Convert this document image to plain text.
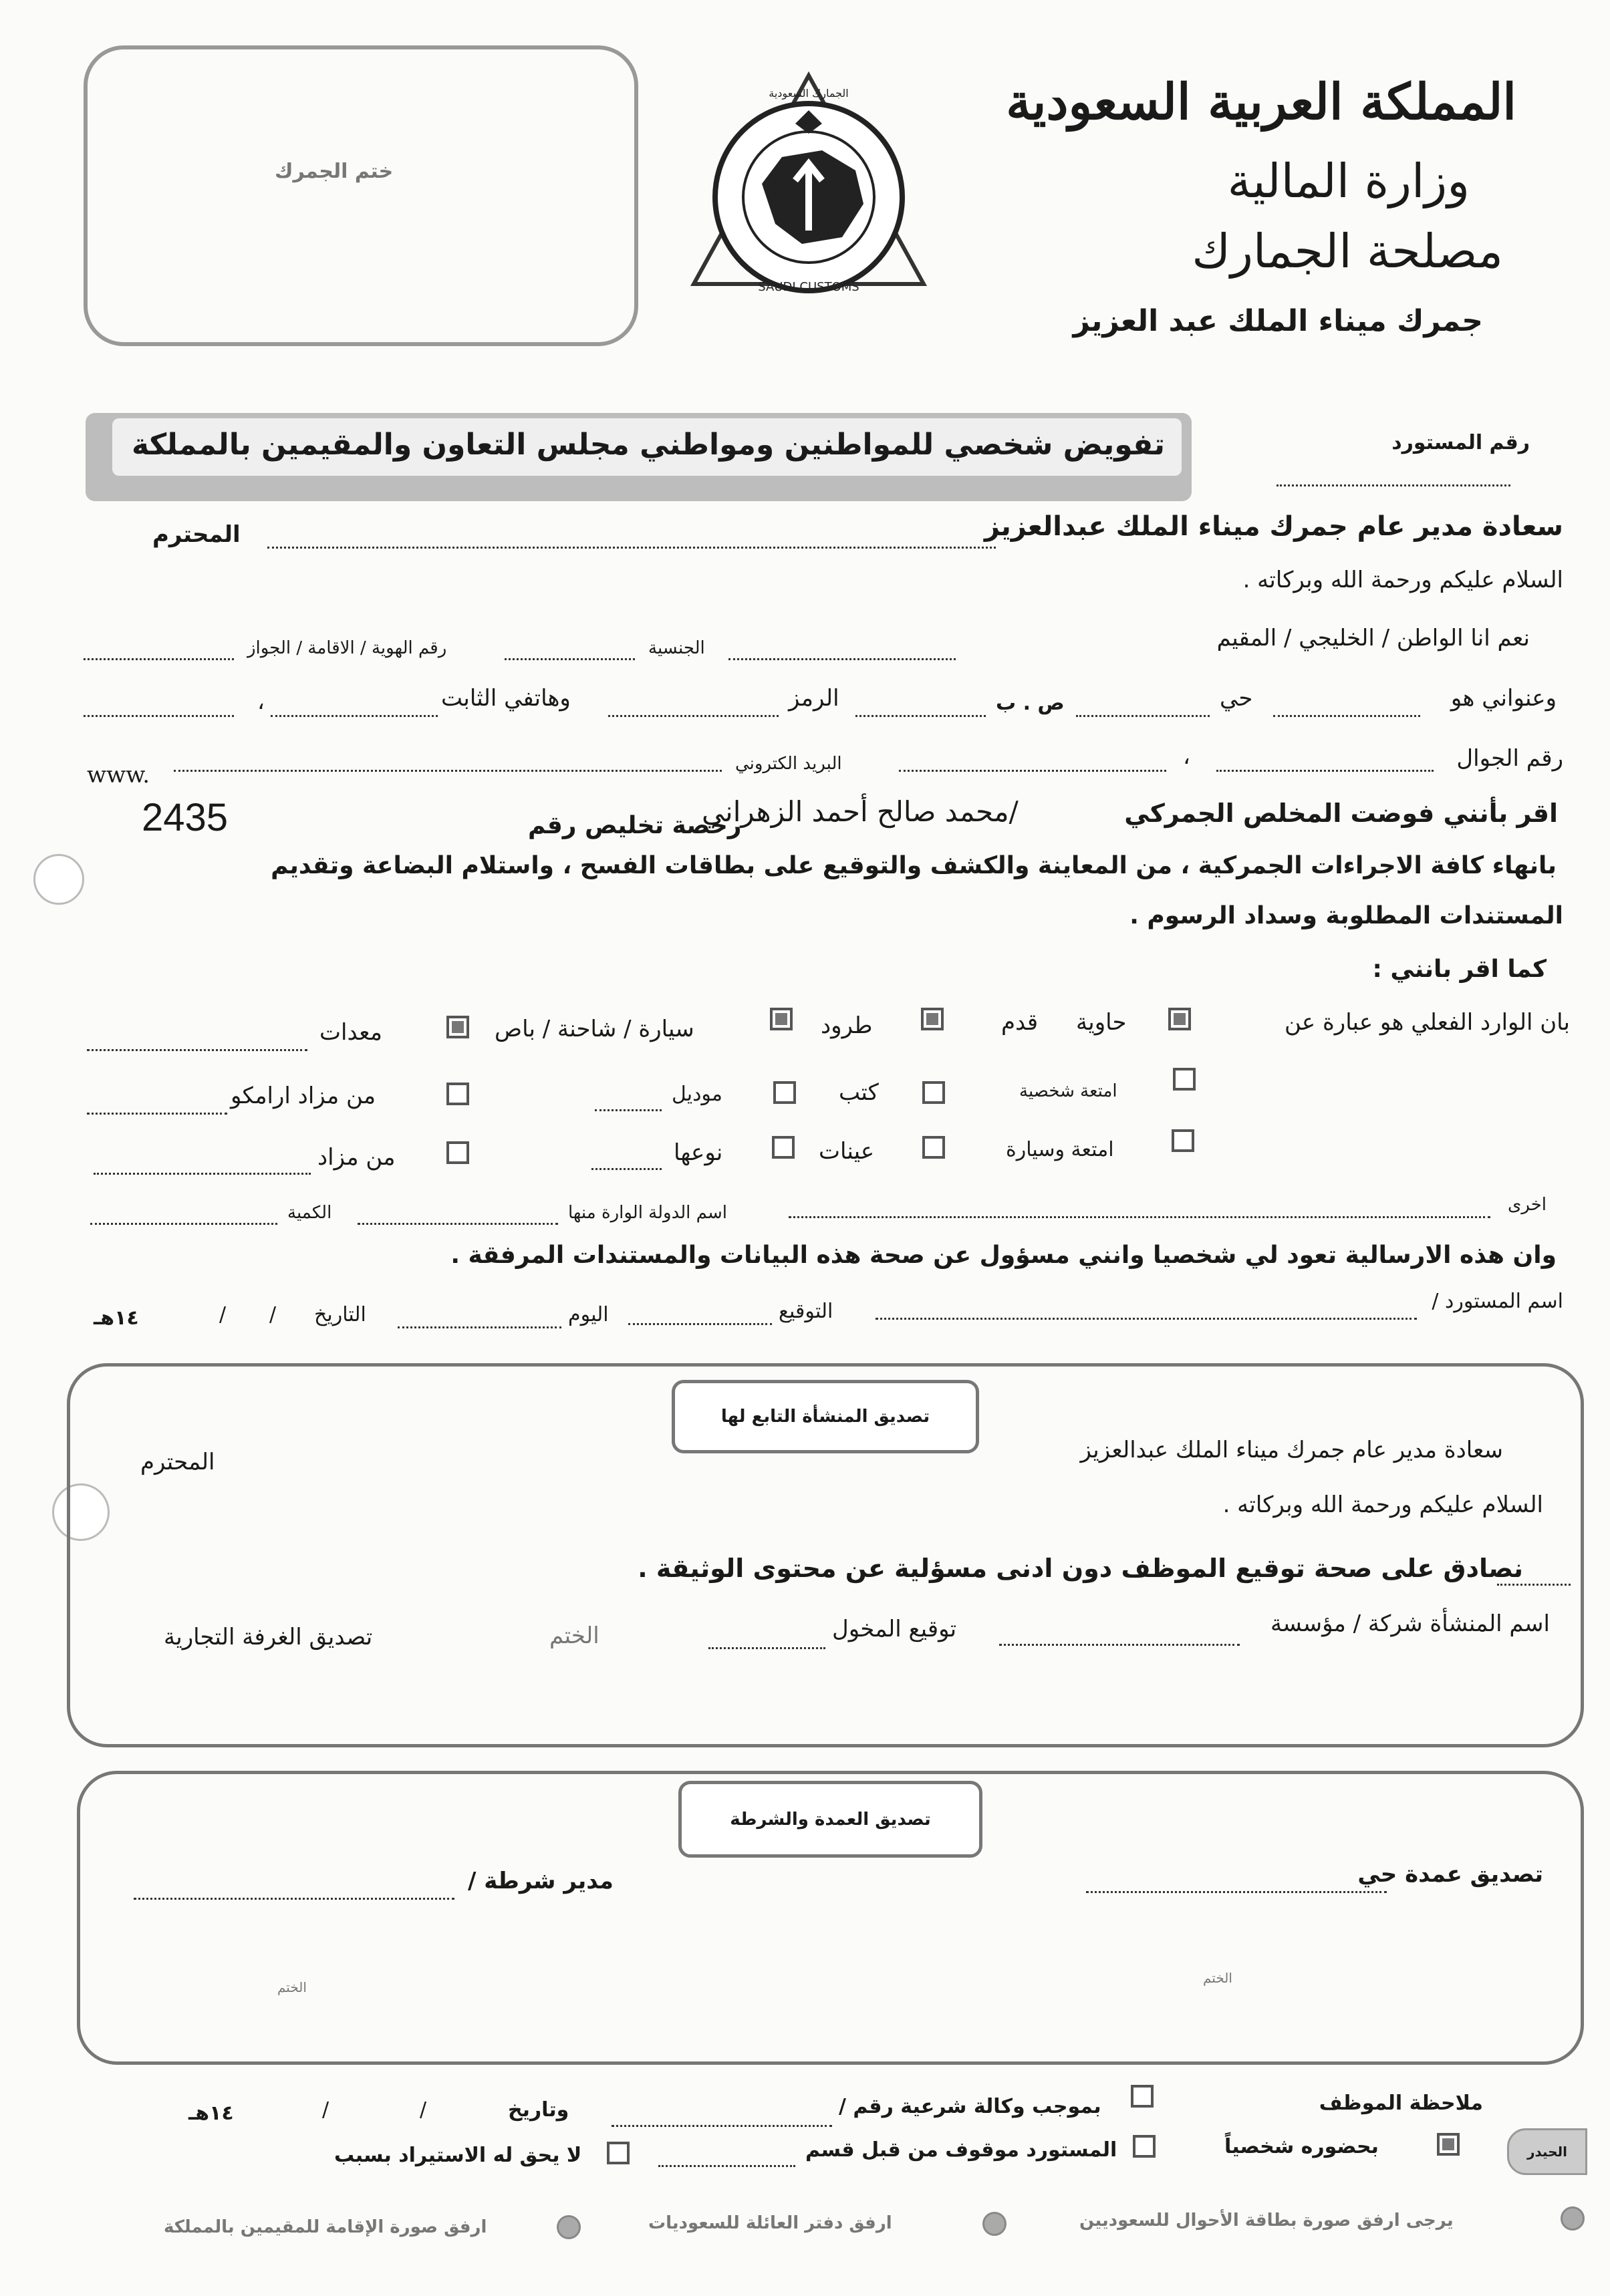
المملكة العربية السعودية
وزارة المالية
مصلحة الجمارك
جمرك ميناء الملك عبد العزيز
SAUDI CUSTOMS
الجمارك السعودية
ختم الجمرك
رقم المستورد
تفويض شخصي للمواطنين ومواطني مجلس التعاون والمقيمين بالمملكة
سعادة مدير عام جمرك ميناء الملك عبدالعزيز
المحترم
السلام عليكم ورحمة الله وبركاته .
نعم انا الواطن / الخليجي / المقيم
الجنسية
رقم الهوية / الاقامة / الجواز
وعنواني هو
حي
ص . ب
الرمز
وهاتفي الثابت
،
رقم الجوال
،
البريد الكتروني
www.
اقر بأنني فوضت المخلص الجمركي
/محمد صالح أحمد الزهراني
رخصة تخليص رقم
2435
بانهاء كافة الاجراءات الجمركية ، من المعاينة والكشف والتوقيع على بطاقات الفسح ، واستلام البضاعة وتقديم
المستندات المطلوبة وسداد الرسوم .
كما اقر بانني :
بان الوارد الفعلي هو عبارة عن
حاوية
قدم
طرود
سيارة / شاحنة / باص
معدات
امتعة شخصية
كتب
موديل
من مزاد ارامكو
امتعة وسيارة
عينات
نوعها
من مزاد
اخرى
اسم الدولة الوارة منها
الكمية
وان هذه الارسالية تعود لي شخصيا وانني مسؤول عن صحة هذه البيانات والمستندات المرفقة .
اسم المستورد /
التوقيع
اليوم
التاريخ
/
/
١٤هـ
تصديق المنشأة التابع لها
سعادة مدير عام جمرك ميناء الملك عبدالعزيز
المحترم
السلام عليكم ورحمة الله وبركاته .
نصادق على صحة توقيع الموظف دون ادنى مسؤلية عن محتوى الوثيقة .
اسم المنشأة شركة / مؤسسة
توقيع المخول
الختم
تصديق الغرفة التجارية
تصديق العمدة والشرطة
تصديق عمدة حي
مدير شرطة /
الختم
الختم
ملاحظة الموظف
بموجب وكالة شرعية رقم /
وتاريخ
/
/
١٤هـ
الحيدر
بحضوره شخصياً
المستورد موقوف من قبل قسم
لا يحق له الاستيراد بسبب
يرجى ارفق صورة بطاقة الأحوال للسعوديين
ارفق دفتر العائلة للسعوديات
ارفق صورة الإقامة للمقيمين بالمملكة
